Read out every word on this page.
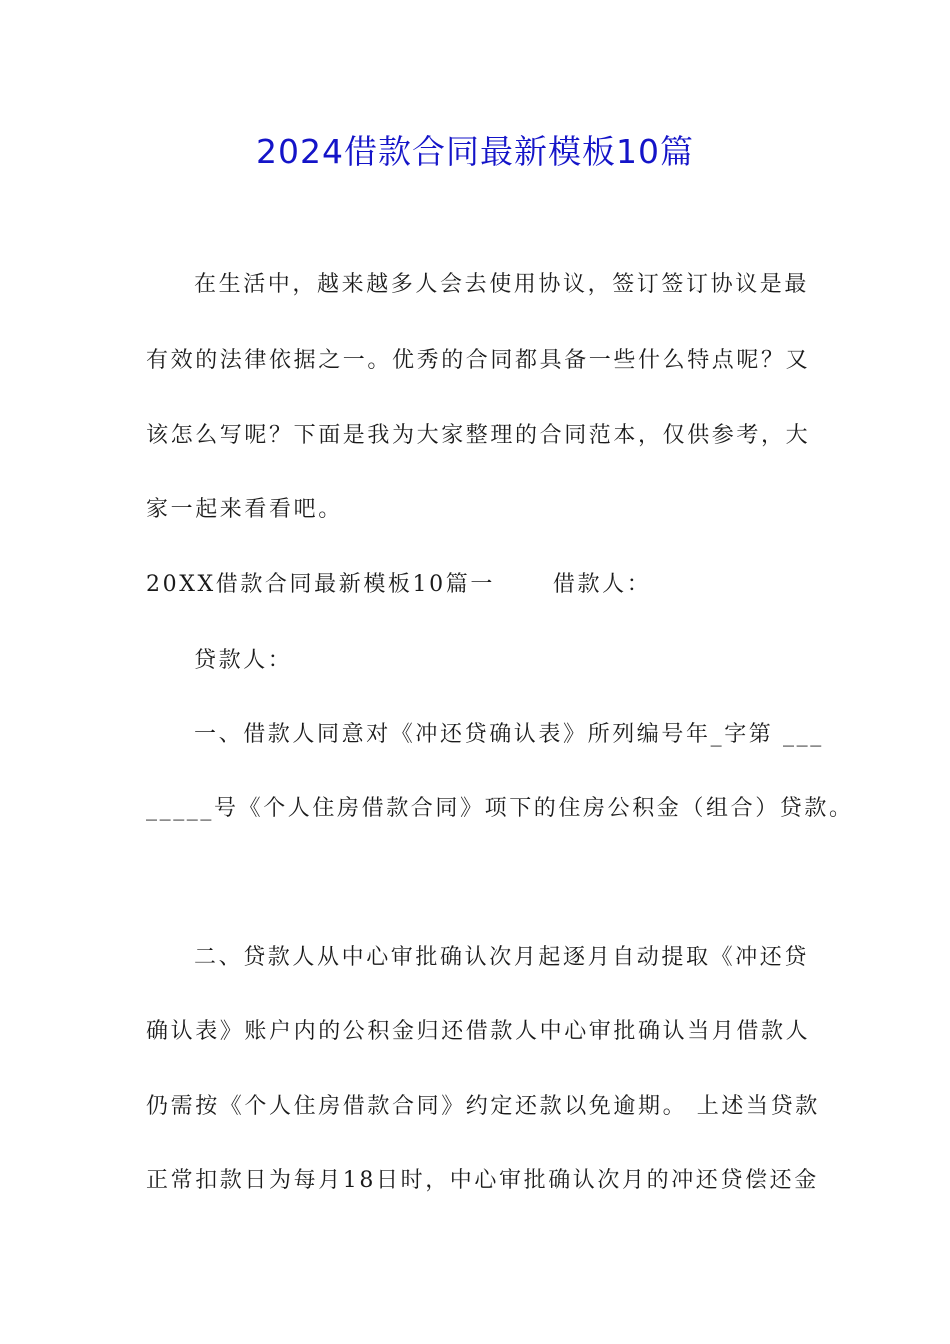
2024借款合同最新模板10篇
在生活中，越来越多人会去使用协议，签订签订协议是最
有效的法律依据之一。优秀的合同都具备一些什么特点呢？又
该怎么写呢？下面是我为大家整理的合同范本，仅供参考，大
家一起来看看吧。
20XX借款合同最新模板10篇一	借款人：
贷款人：
一、借款人同意对《冲还贷确认表》所列编号年_字第 ___
_____号《个人住房借款合同》项下的住房公积金（组合）贷款。
二、贷款人从中心审批确认次月起逐月自动提取《冲还贷
确认表》账户内的公积金归还借款人中心审批确认当月借款人
仍需按《个人住房借款合同》约定还款以免逾期。 上述当贷款
正常扣款日为每月18日时，中心审批确认次月的冲还贷偿还金
